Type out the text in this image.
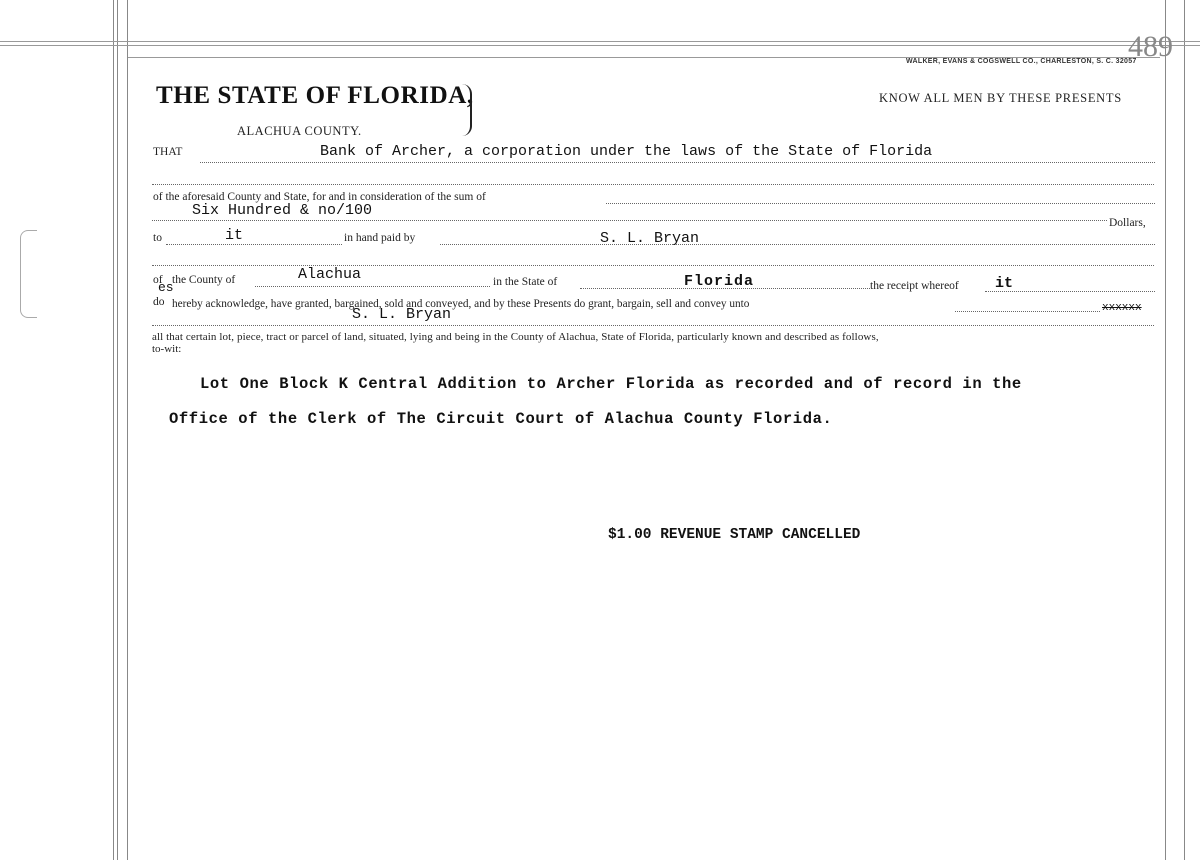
489
WALKER, EVANS & COGSWELL CO., CHARLESTON, S. C. 32057
THE STATE OF FLORIDA,	KNOW ALL MEN BY THESE PRESENTS
ALACHUA COUNTY.
THAT	Bank of Archer, a corporation under the laws of the State of Florida
of the aforesaid County and State, for and in consideration of the sum of
Six Hundred & no/100
Dollars,
to	it	in hand paid by	S. L. Bryan
of
es
the County of	Alachua	in the State of	Florida	the receipt whereof it
do hereby acknowledge, have granted, bargained, sold and conveyed, and by these Presents do grant, bargain, sell and convey unto	xxxxxx
S. L. Bryan
all that certain lot, piece, tract or parcel of land, situated, lying and being in the County of Alachua, State of Florida, particularly known and described as follows,
to-wit:
Lot One Block K Central Addition to Archer Florida as recorded and of record in the
Office of the Clerk of The Circuit Court of Alachua County Florida.
$1.00 REVENUE STAMP CANCELLED
